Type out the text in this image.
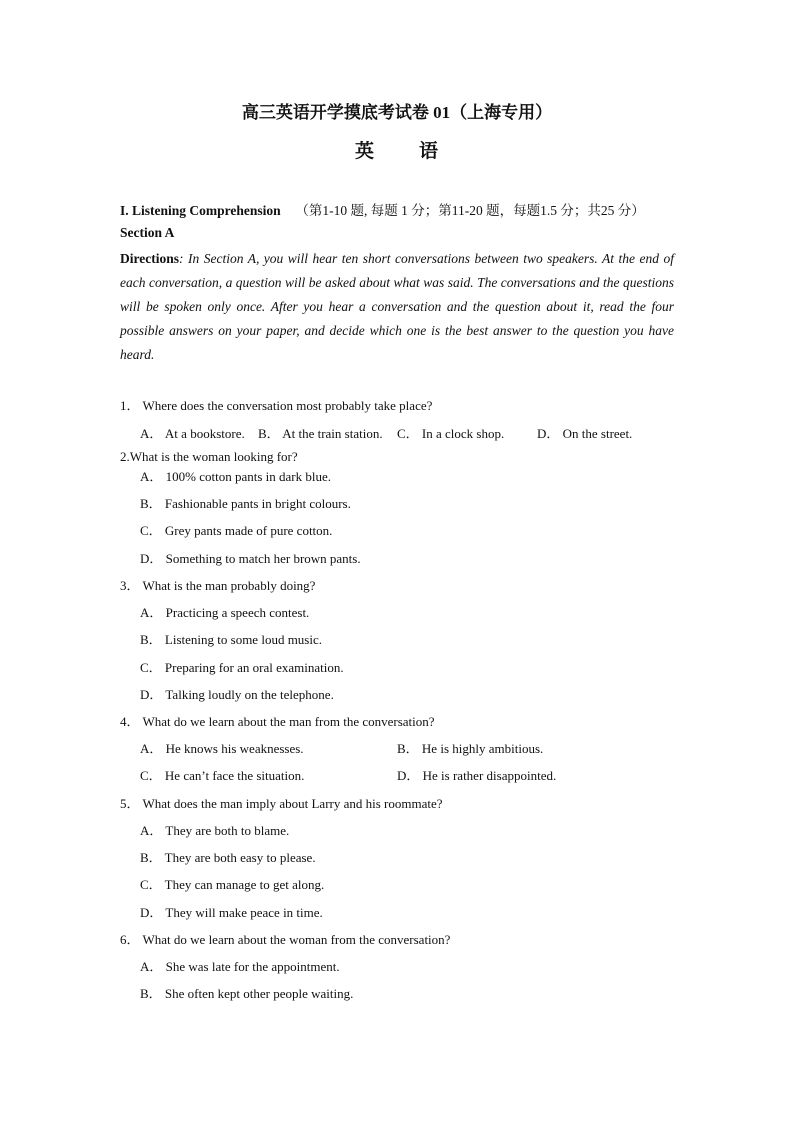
高三英语开学摸底考试卷 01（上海专用）
英 语
I. Listening Comprehension （第1-10 题, 每题 1 分；第11-20 题，每题1.5 分；共25 分）
Section A
Directions: In Section A, you will hear ten short conversations between two speakers. At the end of each conversation, a question will be asked about what was said. The conversations and the questions will be spoken only once. After you hear a conversation and the question about it, read the four possible answers on your paper, and decide which one is the best answer to the question you have heard.
1． Where does the conversation most probably take place?
A． At a bookstore. B． At the train station. C． In a clock shop.	D． On the street.
2.What is the woman looking for?
A． 100% cotton pants in dark blue.
B． Fashionable pants in bright colours.
C． Grey pants made of pure cotton.
D． Something to match her brown pants.
3． What is the man probably doing?
A． Practicing a speech contest.
B． Listening to some loud music.
C． Preparing for an oral examination.
D． Talking loudly on the telephone.
4． What do we learn about the man from the conversation?
A． He knows his weaknesses.	B． He is highly ambitious.
C． He can’t face the situation.	D． He is rather disappointed.
5． What does the man imply about Larry and his roommate?
A． They are both to blame.
B． They are both easy to please.
C． They can manage to get along.
D． They will make peace in time.
6． What do we learn about the woman from the conversation?
A． She was late for the appointment.
B． She often kept other people waiting.
